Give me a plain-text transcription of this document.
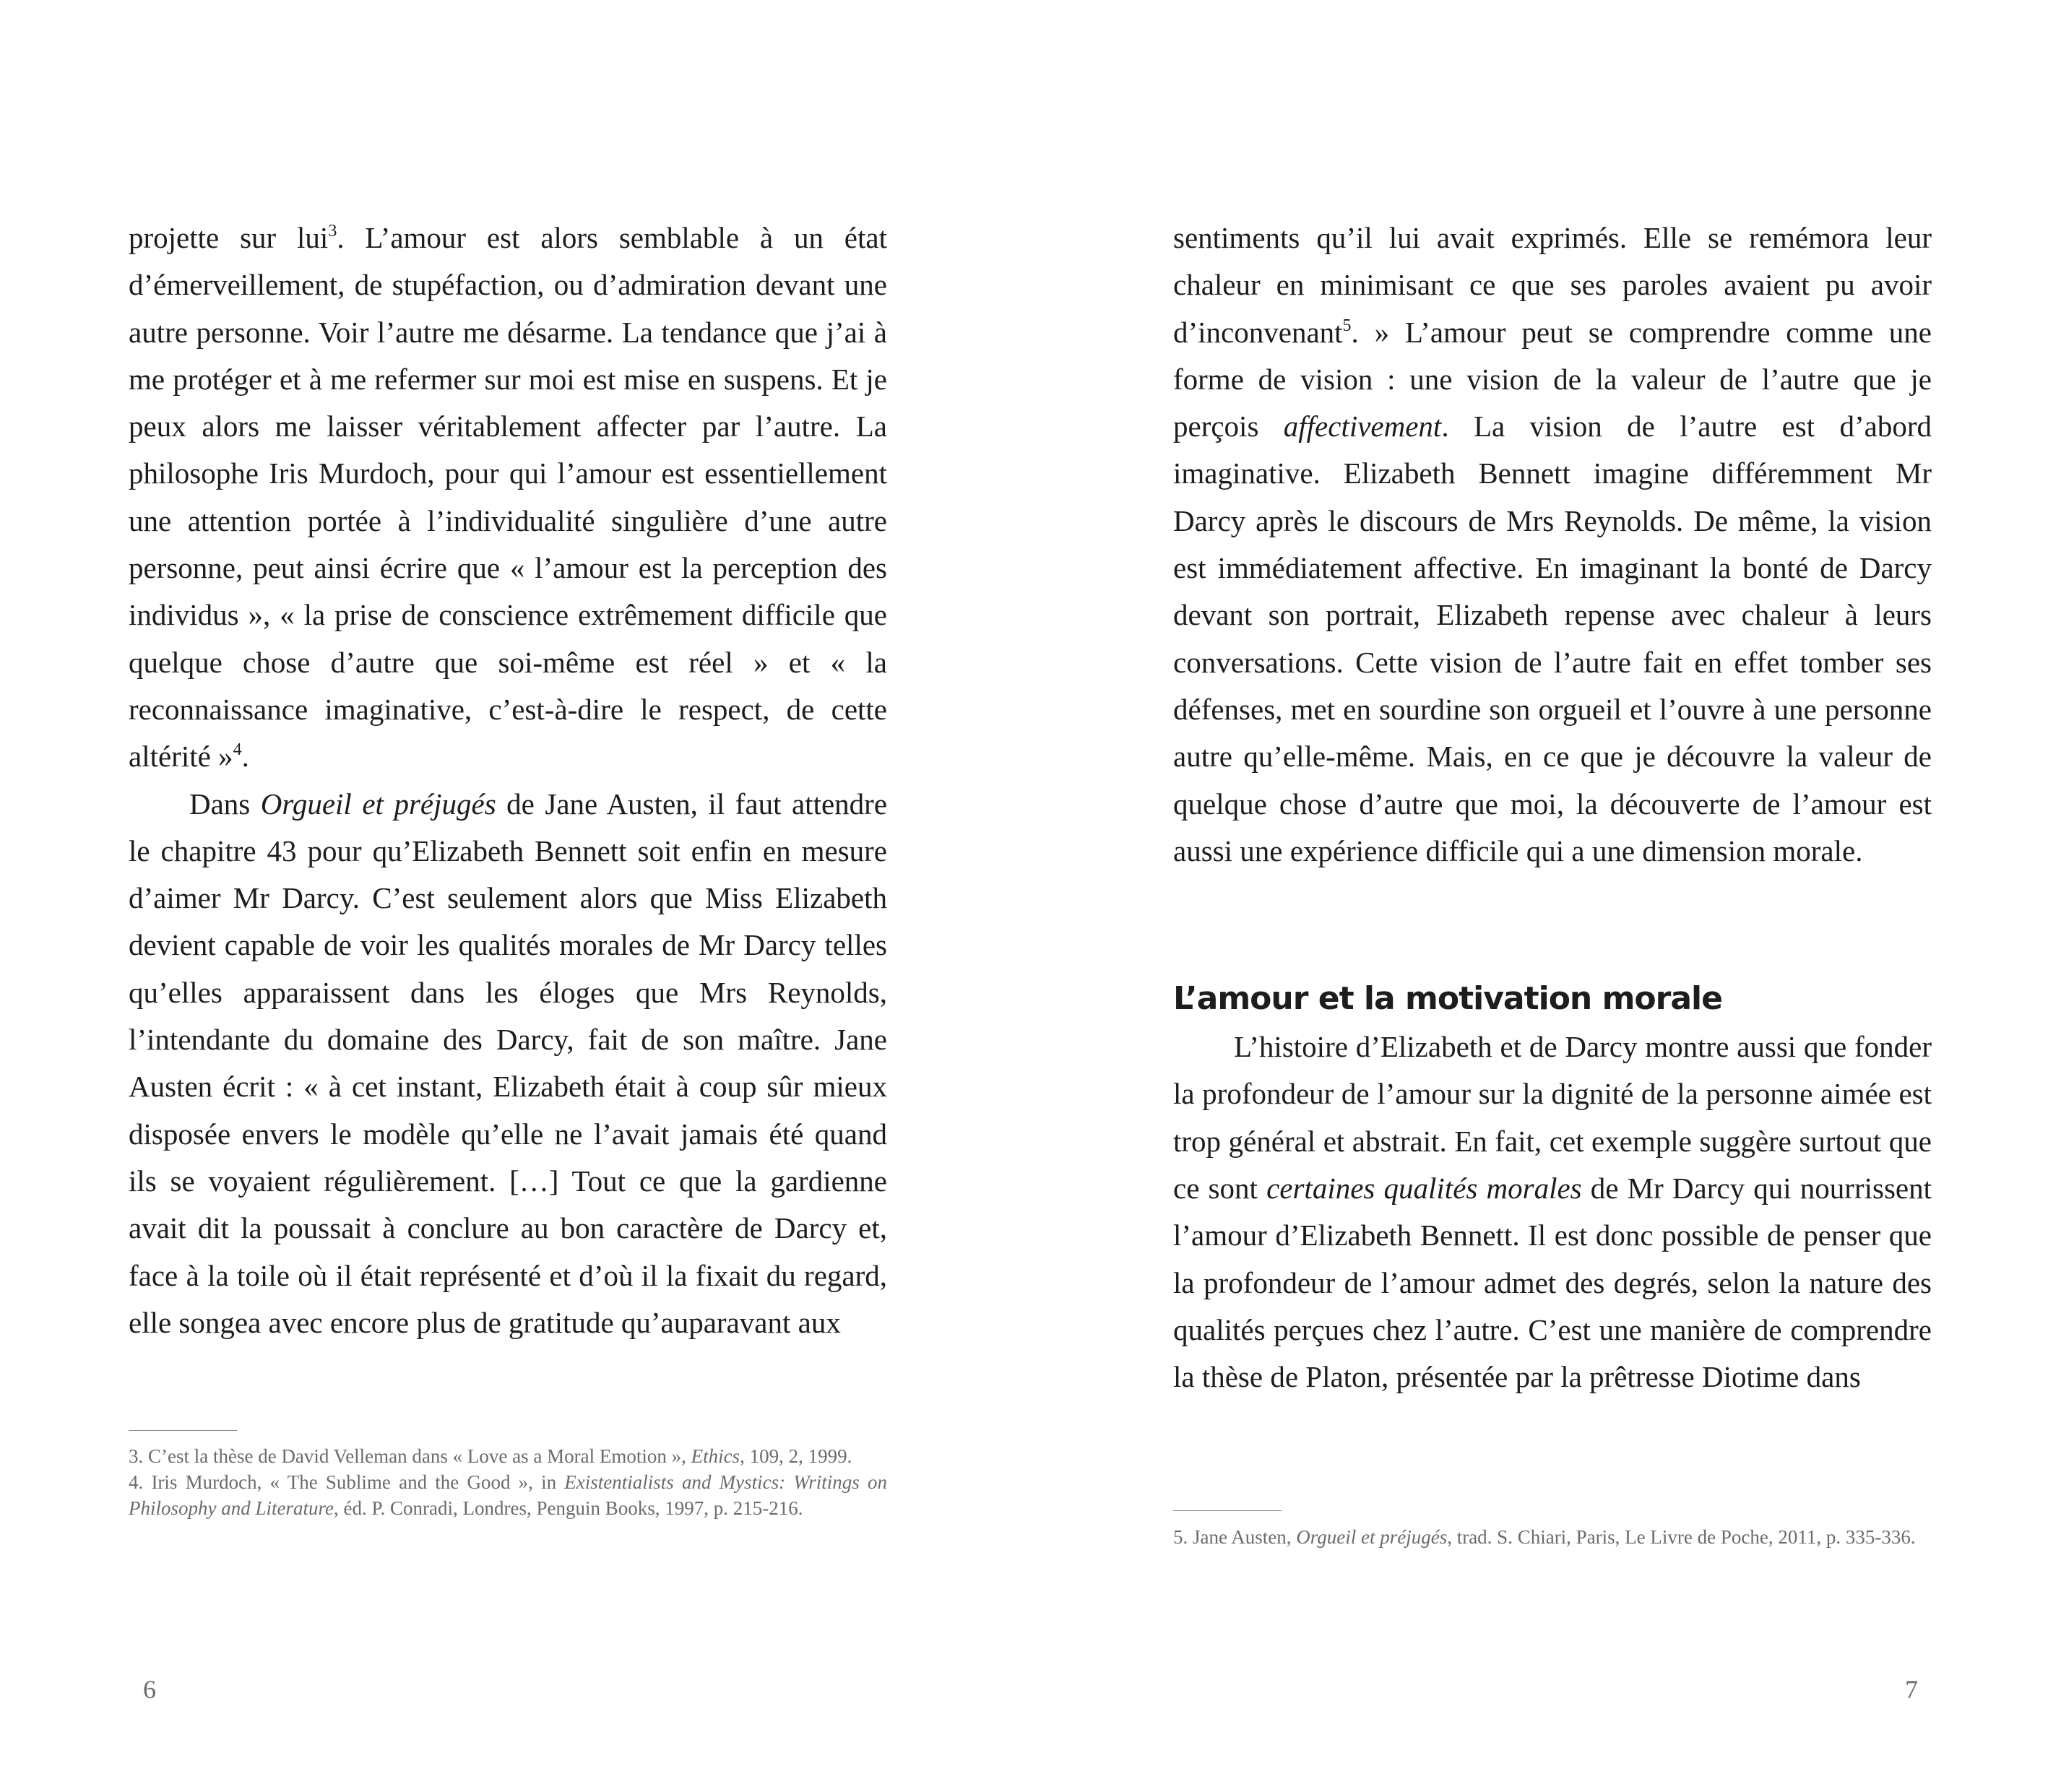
projette sur lui$^3$. L’amour est alors semblable à un état d’émerveillement, de stupéfaction, ou d’admiration devant une autre personne. Voir l’autre me désarme. La tendance que j’ai à me protéger et à me refermer sur moi est mise en suspens. Et je peux alors me laisser véritablement affecter par l’autre. La philosophe Iris Murdoch, pour qui l’amour est essentiellement une attention portée à l’individualité singulière d’une autre personne, peut ainsi écrire que « l’amour est la perception des individus », « la prise de conscience extrêmement difficile que quelque chose d’autre que soi-même est réel » et « la reconnaissance imaginative, c’est-à-dire le respect, de cette altérité »$^4$.

Dans Orgueil et préjugés de Jane Austen, il faut attendre le chapitre 43 pour qu’Elizabeth Bennett soit enfin en mesure d’aimer Mr Darcy. C’est seulement alors que Miss Elizabeth devient capable de voir les qualités morales de Mr Darcy telles qu’elles apparaissent dans les éloges que Mrs Reynolds, l’intendante du domaine des Darcy, fait de son maître. Jane Austen écrit : « à cet instant, Elizabeth était à coup sûr mieux disposée envers le modèle qu’elle ne l’avait jamais été quand ils se voyaient régulièrement. […] Tout ce que la gardienne avait dit la poussait à conclure au bon caractère de Darcy et, face à la toile où il était représenté et d’où il la fixait du regard, elle songea avec encore plus de gratitude qu’auparavant aux

3. C’est la thèse de David Velleman dans « Love as a Moral Emotion », Ethics, 109, 2, 1999.

4. Iris Murdoch, « The Sublime and the Good », in Existentialists and Mystics: Writings on Philosophy and Literature, éd. P. Conradi, Londres, Penguin Books, 1997, p. 215-216.

6

sentiments qu’il lui avait exprimés. Elle se remémora leur chaleur en minimisant ce que ses paroles avaient pu avoir d’inconvenant$^5$. » L’amour peut se comprendre comme une forme de vision : une vision de la valeur de l’autre que je perçois affectivement. La vision de l’autre est d’abord imaginative. Elizabeth Bennett imagine différemment Mr Darcy après le discours de Mrs Reynolds. De même, la vision est immédiatement affective. En imaginant la bonté de Darcy devant son portrait, Elizabeth repense avec chaleur à leurs conversations. Cette vision de l’autre fait en effet tomber ses défenses, met en sourdine son orgueil et l’ouvre à une personne autre qu’elle-même. Mais, en ce que je découvre la valeur de quelque chose d’autre que moi, la découverte de l’amour est aussi une expérience difficile qui a une dimension morale.

L’amour et la motivation morale

L’histoire d’Elizabeth et de Darcy montre aussi que fonder la profondeur de l’amour sur la dignité de la personne aimée est trop général et abstrait. En fait, cet exemple suggère surtout que ce sont certaines qualités morales de Mr Darcy qui nourrissent l’amour d’Elizabeth Bennett. Il est donc possible de penser que la profondeur de l’amour admet des degrés, selon la nature des qualités perçues chez l’autre. C’est une manière de comprendre la thèse de Platon, présentée par la prêtresse Diotime dans

5. Jane Austen, Orgueil et préjugés, trad. S. Chiari, Paris, Le Livre de Poche, 2011, p. 335-336.

7
